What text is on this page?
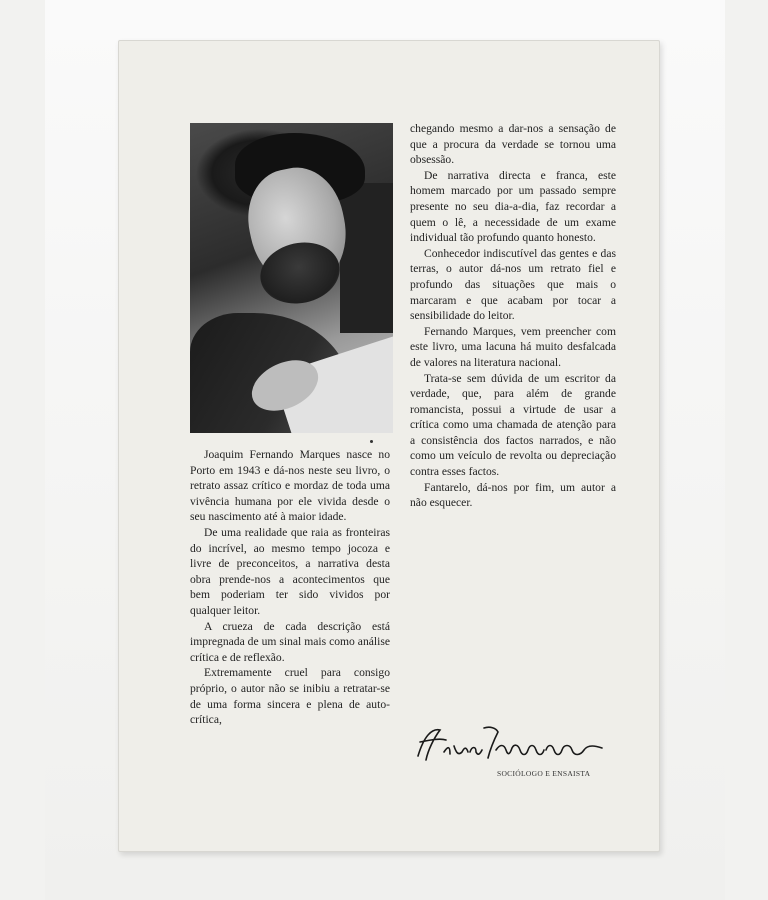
Joaquim Fernando Marques nasce no Porto em 1943 e dá-nos neste seu livro, o retrato assaz crítico e mordaz de toda uma vivência humana por ele vivida desde o seu nascimento até à maior idade.

De uma realidade que raia as fronteiras do incrível, ao mesmo tempo jocoza e livre de preconceitos, a narrativa desta obra prende-nos a acontecimentos que bem poderiam ter sido vividos por qualquer leitor.

A crueza de cada descrição está impregnada de um sinal mais como análise crítica e de reflexão.

Extremamente cruel para consigo próprio, o autor não se inibiu a retratar-se de uma forma sincera e plena de auto-crítica,

chegando mesmo a dar-nos a sensação de que a procura da verdade se tornou uma obsessão.

De narrativa directa e franca, este homem marcado por um passado sempre presente no seu dia-a-dia, faz recordar a quem o lê, a necessidade de um exame individual tão profundo quanto honesto.

Conhecedor indiscutível das gentes e das terras, o autor dá-nos um retrato fiel e profundo das situações que mais o marcaram e que acabam por tocar a sensibilidade do leitor.

Fernando Marques, vem preencher com este livro, uma lacuna há muito desfalcada de valores na literatura nacional.

Trata-se sem dúvida de um escritor da verdade, que, para além de grande romancista, possui a virtude de usar a crítica como uma chamada de atenção para a consistência dos factos narrados, e não como um veículo de revolta ou depreciação contra esses factos.

Fantarelo, dá-nos por fim, um autor a não esquecer.

SOCIÓLOGO E ENSAISTA
